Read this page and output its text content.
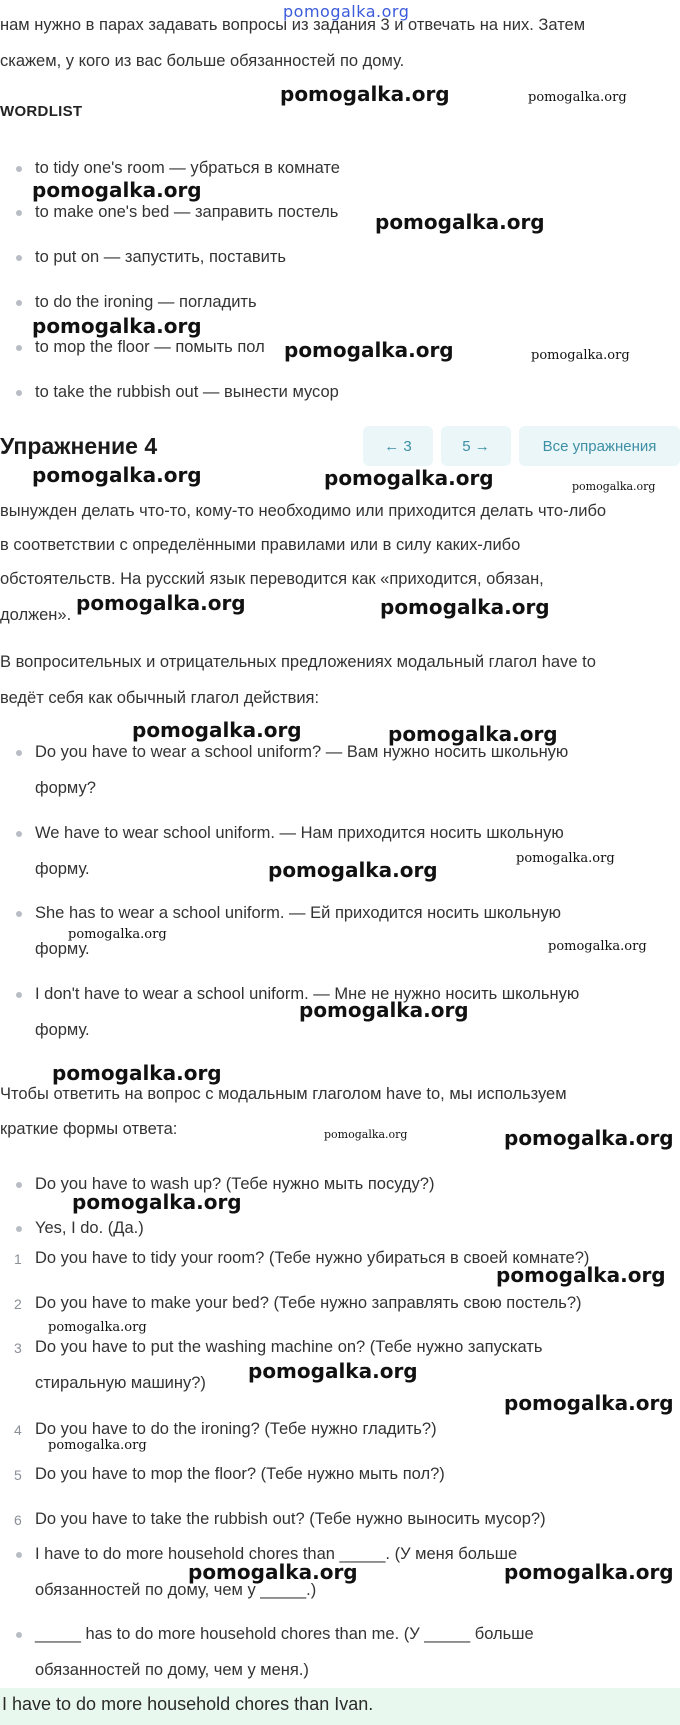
pomogalka.org
нам нужно в парах задавать вопросы из задания 3 и отвечать на них. Затем
скажем, у кого из вас больше обязанностей по дому.
WORDLIST
to tidy one's room — убраться в комнате
to make one's bed — заправить постель
to put on — запустить, поставить
to do the ironing — погладить
to mop the floor — помыть пол
to take the rubbish out — вынести мусор
Упражнение 4	← 3	5 →	Все упражнения
вынужден делать что-то, кому-то необходимо или приходится делать что-либо
в соответствии с определёнными правилами или в силу каких-либо
обстоятельств. На русский язык переводится как «приходится, обязан,
должен».
В вопросительных и отрицательных предложениях модальный глагол have to
ведёт себя как обычный глагол действия:
Do you have to wear a school uniform? — Вам нужно носить школьную
форму?
We have to wear school uniform. — Нам приходится носить школьную
форму.
She has to wear a school uniform. — Ей приходится носить школьную
форму.
I don't have to wear a school uniform. — Мне не нужно носить школьную
форму.
Чтобы ответить на вопрос с модальным глаголом have to, мы используем
краткие формы ответа:
Do you have to wash up? (Тебе нужно мыть посуду?)
Yes, I do. (Да.)
1 Do you have to tidy your room? (Тебе нужно убираться в своей комнате?)
2 Do you have to make your bed? (Тебе нужно заправлять свою постель?)
3 Do you have to put the washing machine on? (Тебе нужно запускать
стиральную машину?)
4 Do you have to do the ironing? (Тебе нужно гладить?)
5 Do you have to mop the floor? (Тебе нужно мыть пол?)
6 Do you have to take the rubbish out? (Тебе нужно выносить мусор?)
I have to do more household chores than _____. (У меня больше
обязанностей по дому, чем у _____.)
_____ has to do more household chores than me. (У _____ больше
обязанностей по дому, чем у меня.)
I have to do more household chores than Ivan.
pomogalka.org	pomogalka.org
pomogalka.org
pomogalka.org
pomogalka.org
pomogalka.org	pomogalka.org
pomogalka.org	pomogalka.org	pomogalka.org
pomogalka.org	pomogalka.org
pomogalka.org	pomogalka.org
pomogalka.org
pomogalka.org
pomogalka.org
pomogalka.org
pomogalka.org
pomogalka.org
pomogalka.org	pomogalka.org
pomogalka.org
pomogalka.org
pomogalka.org
pomogalka.org
pomogalka.org
pomogalka.org
pomogalka.org	pomogalka.org
